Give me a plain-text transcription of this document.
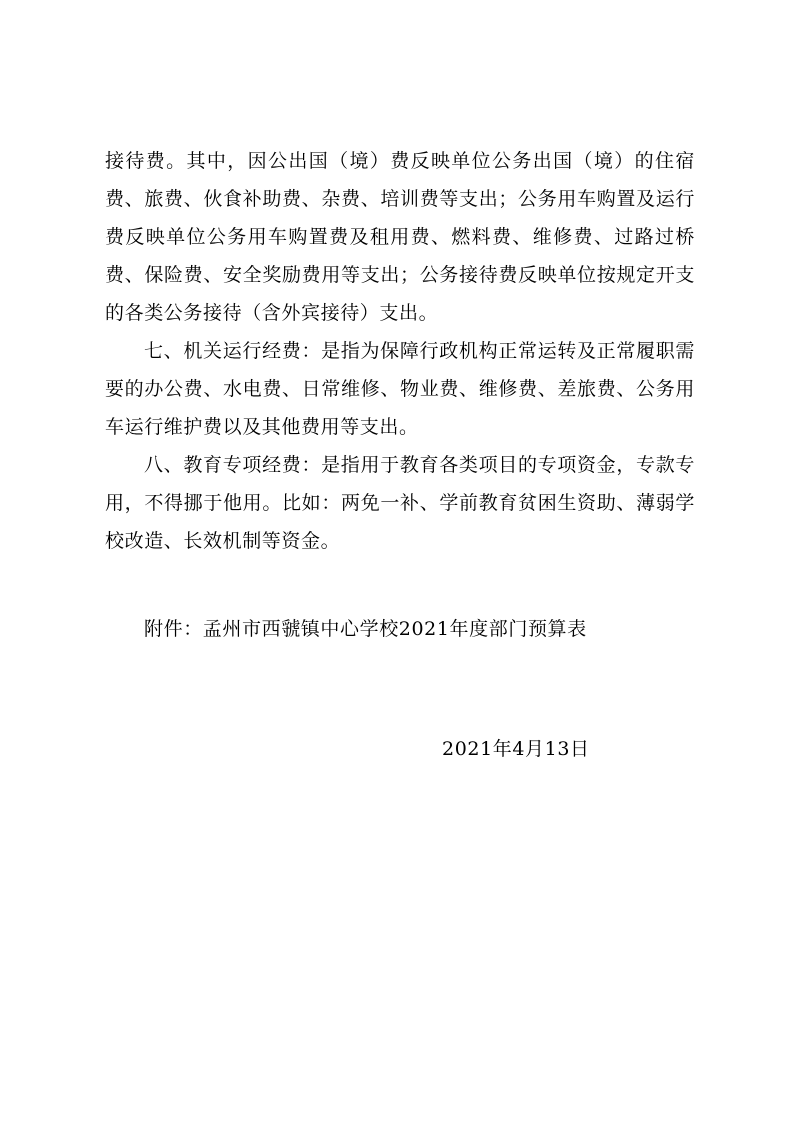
接待费。其中，因公出国（境）费反映单位公务出国（境）的住宿费、旅费、伙食补助费、杂费、培训费等支出；公务用车购置及运行费反映单位公务用车购置费及租用费、燃料费、维修费、过路过桥费、保险费、安全奖励费用等支出；公务接待费反映单位按规定开支的各类公务接待（含外宾接待）支出。

七、机关运行经费：是指为保障行政机构正常运转及正常履职需要的办公费、水电费、日常维修、物业费、维修费、差旅费、公务用车运行维护费以及其他费用等支出。

八、教育专项经费：是指用于教育各类项目的专项资金，专款专用，不得挪于他用。比如：两免一补、学前教育贫困生资助、薄弱学校改造、长效机制等资金。

附件：孟州市西虢镇中心学校2021年度部门预算表
2021年4月13日
